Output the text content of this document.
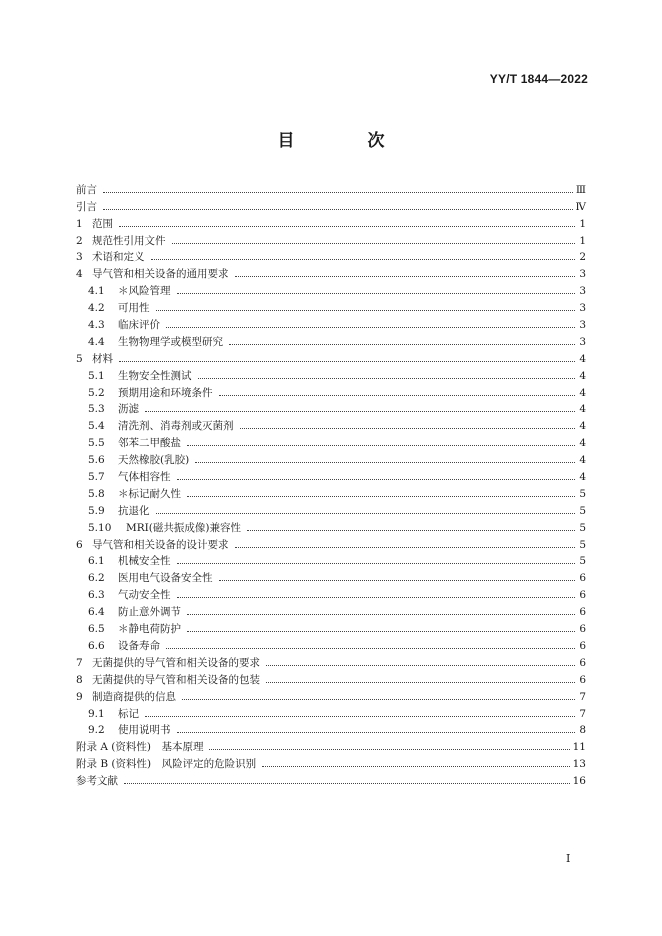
YY/T 1844—2022
目　次
前言	Ⅲ
引言	Ⅳ
1 范围	1
2 规范性引用文件	1
3 术语和定义	2
4 导气管和相关设备的通用要求	3
4.1	＊风险管理	3
4.2	可用性	3
4.3	临床评价	3
4.4	生物物理学或模型研究	3
5 材料	4
5.1	生物安全性测试	4
5.2	预期用途和环境条件	4
5.3	沥滤	4
5.4	清洗剂、消毒剂或灭菌剂	4
5.5	邻苯二甲酸盐	4
5.6	天然橡胶(乳胶)	4
5.7	气体相容性	4
5.8	＊标记耐久性	5
5.9	抗退化	5
5.10	MRI(磁共振成像)兼容性	5
6 导气管和相关设备的设计要求	5
6.1	机械安全性	5
6.2	医用电气设备安全性	6
6.3	气动安全性	6
6.4	防止意外调节	6
6.5	＊静电荷防护	6
6.6	设备寿命	6
7 无菌提供的导气管和相关设备的要求	6
8 无菌提供的导气管和相关设备的包装	6
9 制造商提供的信息	7
9.1	标记	7
9.2	使用说明书	8
附录 A (资料性)　基本原理	11
附录 B (资料性)　风险评定的危险识别	13
参考文献	16
Ⅰ
